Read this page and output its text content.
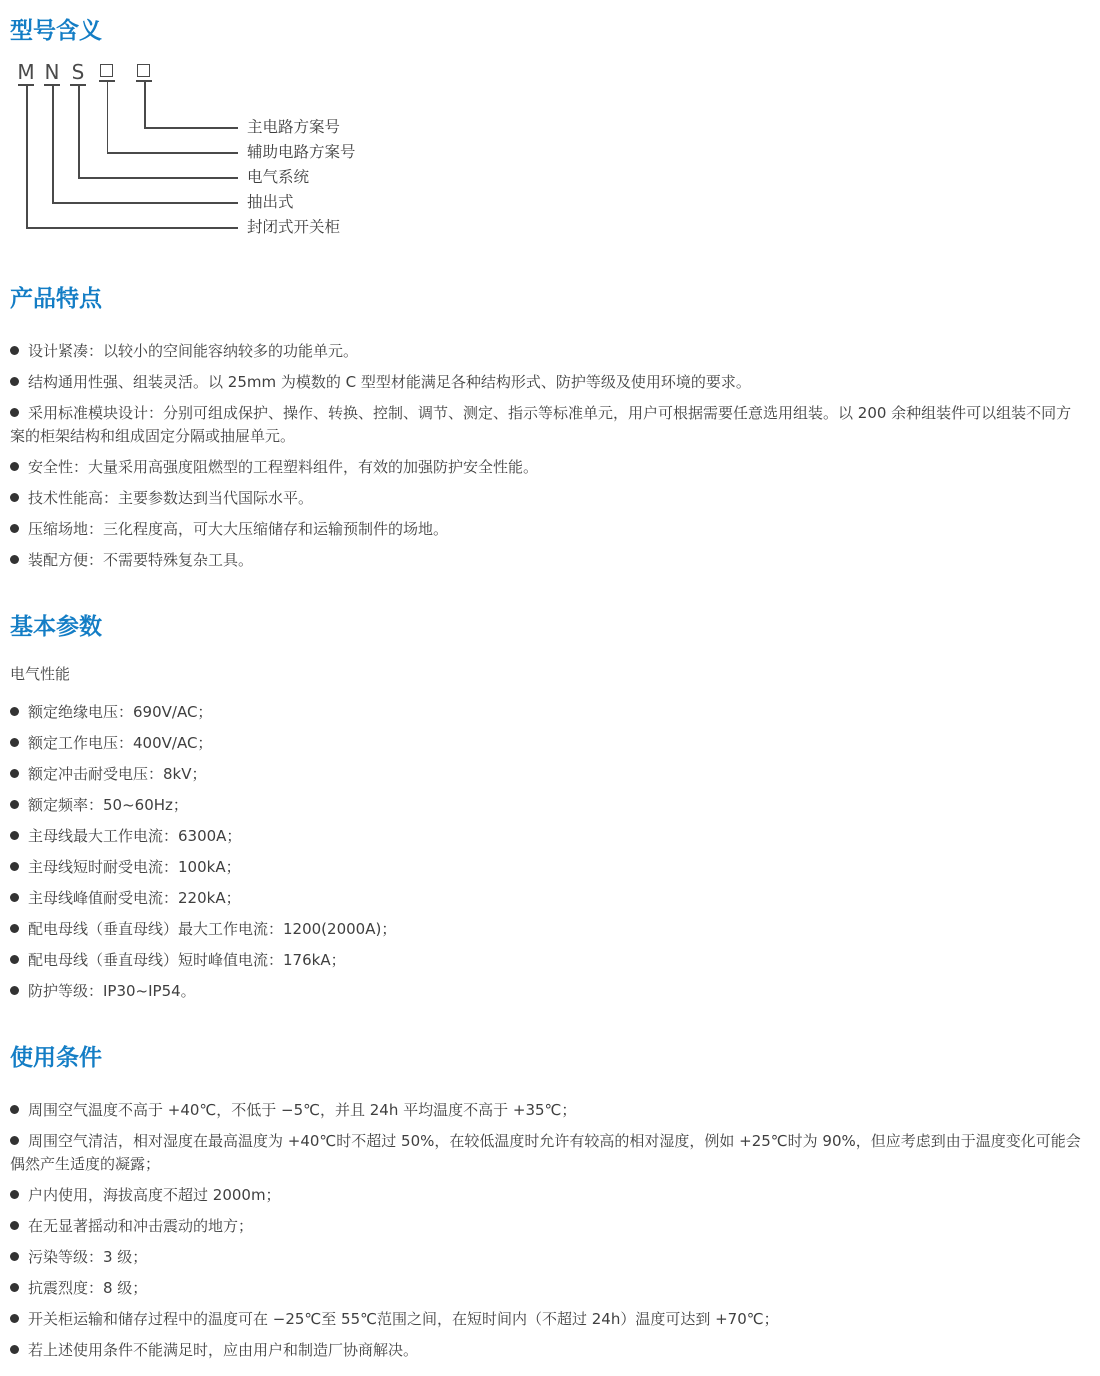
型号含义
M N S
主电路方案号
辅助电路方案号
电气系统
抽出式
封闭式开关柜
产品特点
设计紧凑：以较小的空间能容纳较多的功能单元。
结构通用性强、组装灵活。以 25mm 为模数的 C 型型材能满足各种结构形式、防护等级及使用环境的要求。
采用标准模块设计：分别可组成保护、操作、转换、控制、调节、测定、指示等标准单元，用户可根据需要任意选用组装。以 200 余种组装件可以组装不同方案的柜架结构和组成固定分隔或抽屉单元。
安全性：大量采用高强度阻燃型的工程塑料组件，有效的加强防护安全性能。
技术性能高：主要参数达到当代国际水平。
压缩场地：三化程度高，可大大压缩储存和运输预制件的场地。
装配方便：不需要特殊复杂工具。
基本参数
电气性能
额定绝缘电压：690V/AC；
额定工作电压：400V/AC；
额定冲击耐受电压：8kV；
额定频率：50~60Hz；
主母线最大工作电流：6300A；
主母线短时耐受电流：100kA；
主母线峰值耐受电流：220kA；
配电母线（垂直母线）最大工作电流：1200(2000A)；
配电母线（垂直母线）短时峰值电流：176kA；
防护等级：IP30~IP54。
使用条件
周围空气温度不高于 +40℃，不低于 −5℃，并且 24h 平均温度不高于 +35℃；
周围空气清洁，相对湿度在最高温度为 +40℃时不超过 50%，在较低温度时允许有较高的相对湿度，例如 +25℃时为 90%，但应考虑到由于温度变化可能会偶然产生适度的凝露；
户内使用，海拔高度不超过 2000m；
在无显著摇动和冲击震动的地方；
污染等级：3 级；
抗震烈度：8 级；
开关柜运输和储存过程中的温度可在 −25℃至 55℃范围之间，在短时间内（不超过 24h）温度可达到 +70℃；
若上述使用条件不能满足时，应由用户和制造厂协商解决。
